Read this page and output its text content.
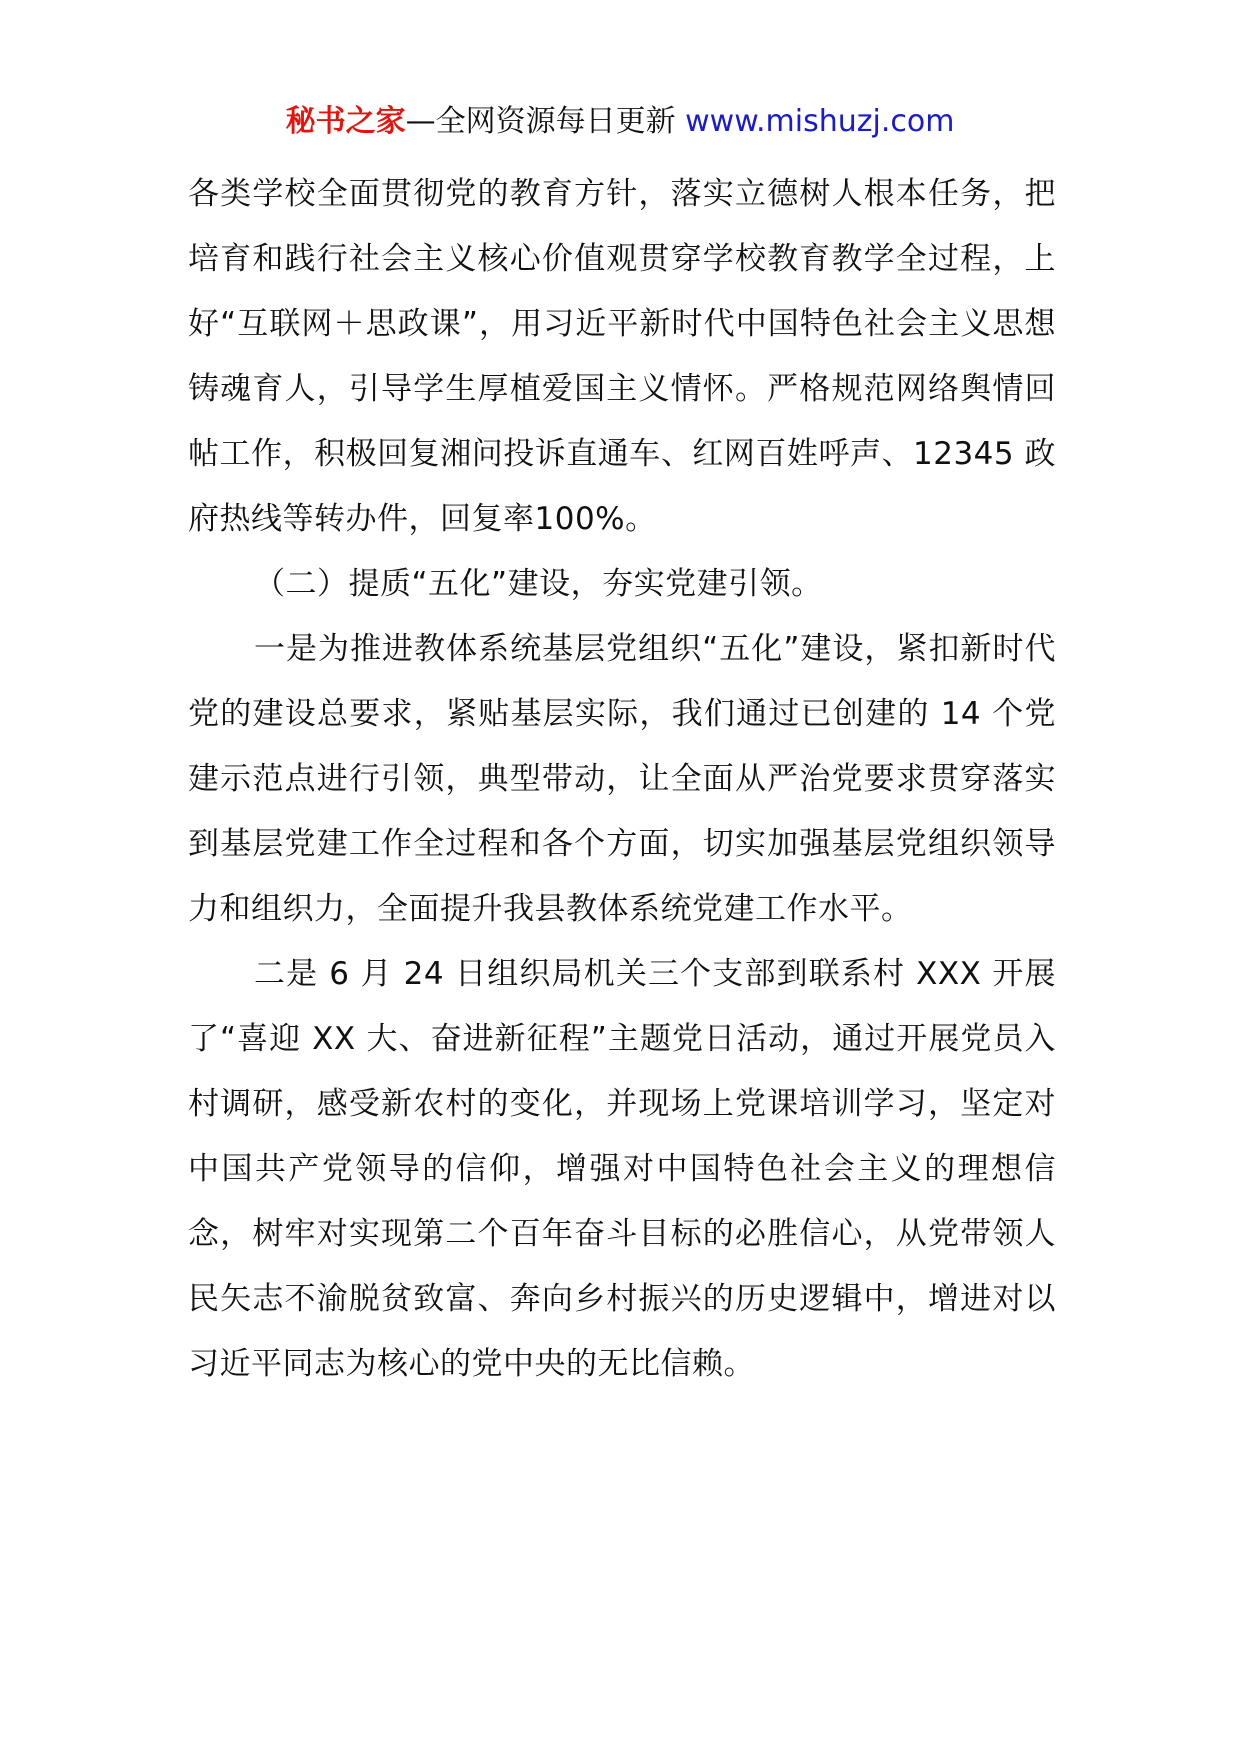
秘书之家—全网资源每日更新 www.mishuzj.com

各类学校全面贯彻党的教育方针，落实立德树人根本任务，把培育和践行社会主义核心价值观贯穿学校教育教学全过程，上好“互联网＋思政课”，用习近平新时代中国特色社会主义思想铸魂育人，引导学生厚植爱国主义情怀。严格规范网络舆情回帖工作，积极回复湘问投诉直通车、红网百姓呼声、12345 政府热线等转办件，回复率100%。

（二）提质“五化”建设，夯实党建引领。

一是为推进教体系统基层党组织“五化”建设，紧扣新时代党的建设总要求，紧贴基层实际，我们通过已创建的 14 个党建示范点进行引领，典型带动，让全面从严治党要求贯穿落实到基层党建工作全过程和各个方面，切实加强基层党组织领导力和组织力，全面提升我县教体系统党建工作水平。

二是 6 月 24 日组织局机关三个支部到联系村 XXX 开展了“喜迎 XX 大、奋进新征程”主题党日活动，通过开展党员入村调研，感受新农村的变化，并现场上党课培训学习，坚定对中国共产党领导的信仰，增强对中国特色社会主义的理想信念，树牢对实现第二个百年奋斗目标的必胜信心，从党带领人民矢志不渝脱贫致富、奔向乡村振兴的历史逻辑中，增进对以习近平同志为核心的党中央的无比信赖。
